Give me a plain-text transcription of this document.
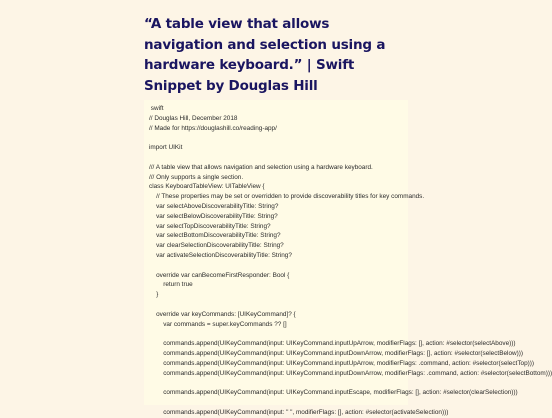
“A table view that allows navigation and selection using a hardware keyboard.” | Swift Snippet by Douglas Hill
swift
// Douglas Hill, December 2018
// Made for https://douglashill.co/reading-app/
import UIKit
/// A table view that allows navigation and selection using a hardware keyboard.
/// Only supports a single section.
class KeyboardTableView: UITableView {
// These properties may be set or overridden to provide discoverability titles for key commands.
var selectAboveDiscoverabilityTitle: String?
var selectBelowDiscoverabilityTitle: String?
var selectTopDiscoverabilityTitle: String?
var selectBottomDiscoverabilityTitle: String?
var clearSelectionDiscoverabilityTitle: String?
var activateSelectionDiscoverabilityTitle: String?
override var canBecomeFirstResponder: Bool {
return true
}
override var keyCommands: [UIKeyCommand]? {
var commands = super.keyCommands ?? []
commands.append(UIKeyCommand(input: UIKeyCommand.inputUpArrow, modifierFlags: [], action: #selector(selectAbove)))
commands.append(UIKeyCommand(input: UIKeyCommand.inputDownArrow, modifierFlags: [], action: #selector(selectBelow)))
commands.append(UIKeyCommand(input: UIKeyCommand.inputUpArrow, modifierFlags: .command, action: #selector(selectTop)))
commands.append(UIKeyCommand(input: UIKeyCommand.inputDownArrow, modifierFlags: .command, action: #selector(selectBottom)))
commands.append(UIKeyCommand(input: UIKeyCommand.inputEscape, modifierFlags: [], action: #selector(clearSelection)))
commands.append(UIKeyCommand(input: " ", modifierFlags: [], action: #selector(activateSelection)))
